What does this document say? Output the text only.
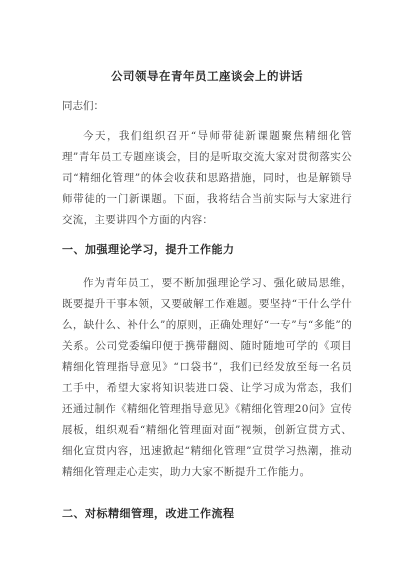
公司领导在青年员工座谈会上的讲话
同志们：
今天，我们组织召开“导师带徒新课题聚焦精细化管理”青年员工专题座谈会，目的是听取交流大家对贯彻落实公司“精细化管理”的体会收获和思路措施，同时，也是解锁导师带徒的一门新课题。下面，我将结合当前实际与大家进行交流，主要讲四个方面的内容：
一、加强理论学习，提升工作能力
作为青年员工，要不断加强理论学习、强化破局思维，既要提升干事本领，又要破解工作难题。要坚持“干什么学什么，缺什么、补什么”的原则，正确处理好“一专”与“多能”的关系。公司党委编印便于携带翻阅、随时随地可学的《项目精细化管理指导意见》“口袋书”，我们已经发放至每一名员工手中，希望大家将知识装进口袋、让学习成为常态，我们还通过制作《精细化管理指导意见》《精细化管理20问》宣传展板，组织观看“精细化管理面对面”视频，创新宣贯方式、细化宣贯内容，迅速掀起“精细化管理”宣贯学习热潮，推动精细化管理走心走实，助力大家不断提升工作能力。
二、对标精细管理，改进工作流程
